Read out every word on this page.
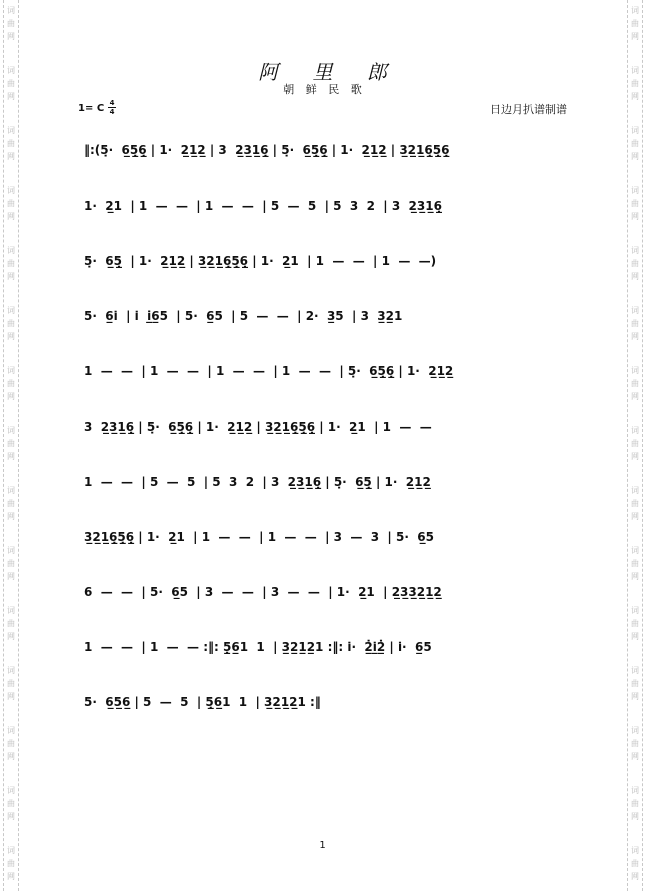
词
曲
网
词
曲
网
词
曲
网
词
曲
网
词
曲
网
词
曲
网
词
曲
网
词
曲
网
词
曲
网
词
曲
网
词
曲
网
词
曲
网
词
曲
网
词
曲
网
词
曲
网
词
曲
网
词
曲
网
词
曲
网
词
曲
网
词
曲
网
词
曲
网
词
曲
网
词
曲
网
词
曲
网
词
曲
网
词
曲
网
词
曲
网
词
曲
网
词
曲
网
词
曲
网
阿 里 郎
朝 鲜 民 歌
1= C 4
4	日边月扒谱制谱
‖:(5̣·  6̲5̣̲6̣̲ | 1·  2̲1̲2̲ | 3  2̲3̲1̲6̣̲ | 5̣·  6̲5̣̲6̣̲ | 1·  2̲1̲2̲ | 3̲2̲1̲6̣̲5̣̲6̣̲
1·  2̲1  | 1  —  —  | 1  —  —  | 5  —  5  | 5  3  2  | 3  2̲3̲1̲6̣̲
5̣·  6̲5̣̲  | 1·  2̲1̲2̲ | 3̲2̲1̲6̣̲5̣̲6̣̲ | 1·  2̲1  | 1  —  —  | 1  —  —)
5·  6̲i̇  | i̇  i̲6̲5  | 5·  6̲5  | 5  —  —  | 2·  3̲5  | 3  3̲2̲1
1  —  —  | 1  —  —  | 1  —  —  | 1  —  —  | 5̣·  6̲5̣̲6̣̲ | 1·  2̲1̲2̲
3  2̲3̲1̲6̣̲ | 5̣·  6̲5̣̲6̣̲ | 1·  2̲1̲2̲ | 3̲2̲1̲6̣̲5̣̲6̣̲ | 1·  2̲1  | 1  —  —
1  —  —  | 5  —  5  | 5  3  2  | 3  2̲3̲1̲6̣̲ | 5̣·  6̲5̣̲ | 1·  2̲1̲2̲
3̲2̲1̲6̣̲5̣̲6̣̲ | 1·  2̲1  | 1  —  —  | 1  —  —  | 3  —  3  | 5·  6̲5
6  —  —  | 5·  6̲5  | 3  —  —  | 3  —  —  | 1·  2̲1  | 2̲3̲3̲2̲1̲2̲
1  —  —  | 1  —  — :‖: 5̲̣6̲1  1  | 3̲2̲1̲2̲1 :‖: i̇·  2̲̇i̲̇2̲̇ | i̇·  6̲5
5·  6̲5̲6̲ | 5  —  5  | 5̲̣6̲1  1  | 3̲2̲1̲2̲1 :‖
1
